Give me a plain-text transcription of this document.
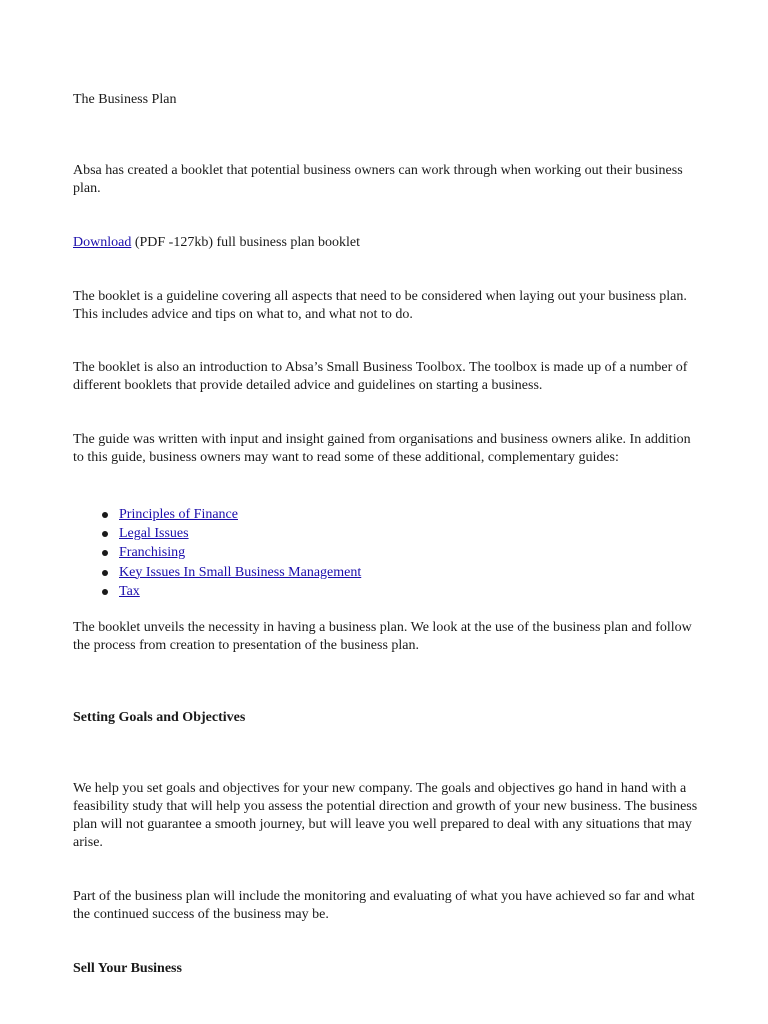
The Business Plan

Absa has created a booklet that potential business owners can work through when working out their business plan.

Download (PDF -127kb) full business plan booklet

The booklet is a guideline covering all aspects that need to be considered when laying out your business plan. This includes advice and tips on what to, and what not to do.

The booklet is also an introduction to Absa’s Small Business Toolbox. The toolbox is made up of a number of different booklets that provide detailed advice and guidelines on starting a business.

The guide was written with input and insight gained from organisations and business owners alike. In addition to this guide, business owners may want to read some of these additional, complementary guides:

Principles of Finance
Legal Issues
Franchising
Key Issues In Small Business Management
Tax

The booklet unveils the necessity in having a business plan. We look at the use of the business plan and follow the process from creation to presentation of the business plan.

Setting Goals and Objectives

We help you set goals and objectives for your new company. The goals and objectives go hand in hand with a feasibility study that will help you assess the potential direction and growth of your new business. The business plan will not guarantee a smooth journey, but will leave you well prepared to deal with any situations that may arise.

Part of the business plan will include the monitoring and evaluating of what you have achieved so far and what the continued success of the business may be.

Sell Your Business
